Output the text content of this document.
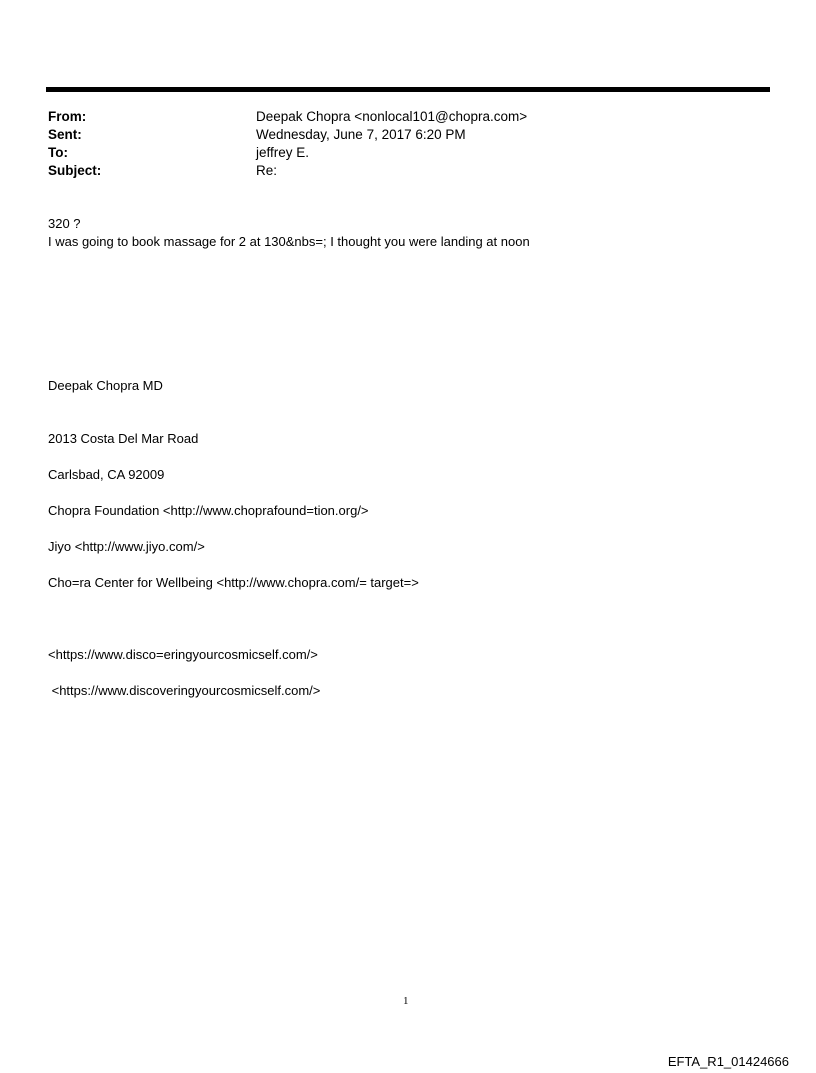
From:	Deepak Chopra <nonlocal101@chopra.com>
Sent:	Wednesday, June 7, 2017 6:20 PM
To:	jeffrey E.
Subject:	Re:
320 ?
I was going to book massage for 2 at 130&nbs=; I thought you were landing at noon
Deepak Chopra MD
2013 Costa Del Mar Road
Carlsbad, CA 92009
Chopra Foundation <http://www.choprafound=tion.org/>
Jiyo <http://www.jiyo.com/>
Cho=ra Center for Wellbeing <http://www.chopra.com/= target=>
<https://www.disco=eringyourcosmicself.com/>
<https://www.discoveringyourcosmicself.com/>
1
EFTA_R1_01424666
